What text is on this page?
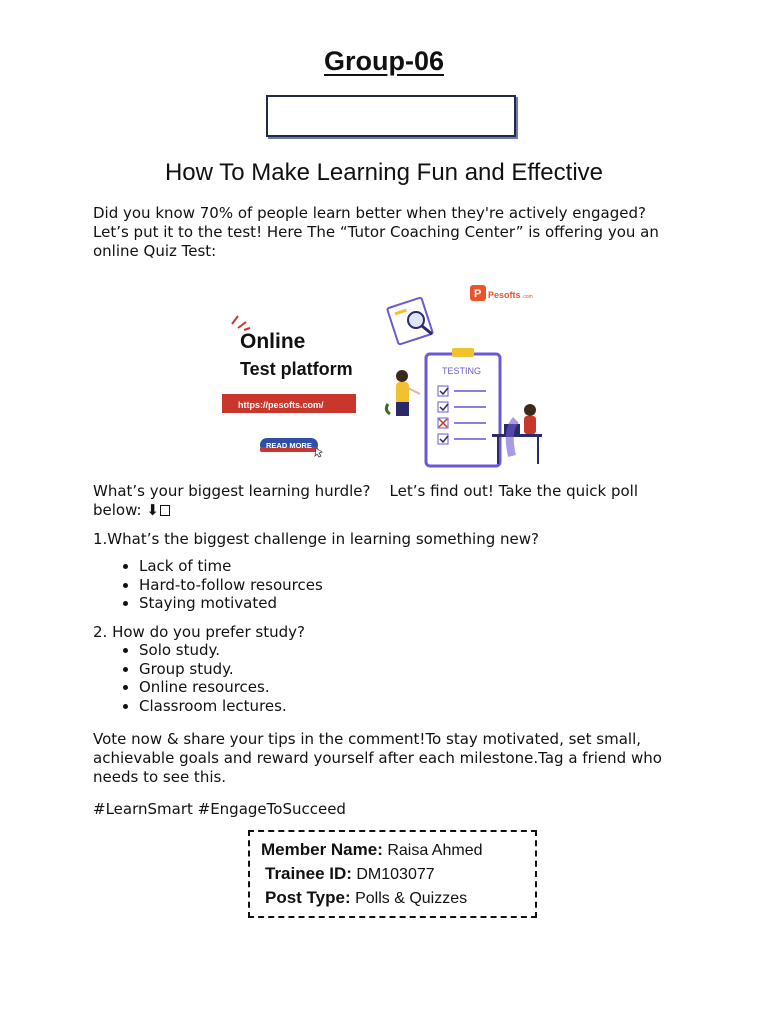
Group-06
How To Make Learning Fun and Effective
Did you know 70% of people learn better when they're actively engaged? Let’s put it to the test! Here The “Tutor Coaching Center” is offering you an online Quiz Test:
Online
Test platform
https://pesofts.com/
READ MORE
P Pesofts .com
TESTING
What’s your biggest learning hurdle?    Let’s find out! Take the quick poll
below: ⬇
1.What’s the biggest challenge in learning something new?
• Lack of time
• Hard-to-follow resources
• Staying motivated
2. How do you prefer study?
• Solo study.
• Group study.
• Online resources.
• Classroom lectures.
Vote now & share your tips in the comment!To stay motivated, set small, achievable goals and reward yourself after each milestone.Tag a friend who needs to see this.
#LearnSmart #EngageToSucceed
Member Name: Raisa Ahmed
Trainee ID: DM103077
Post Type: Polls & Quizzes
